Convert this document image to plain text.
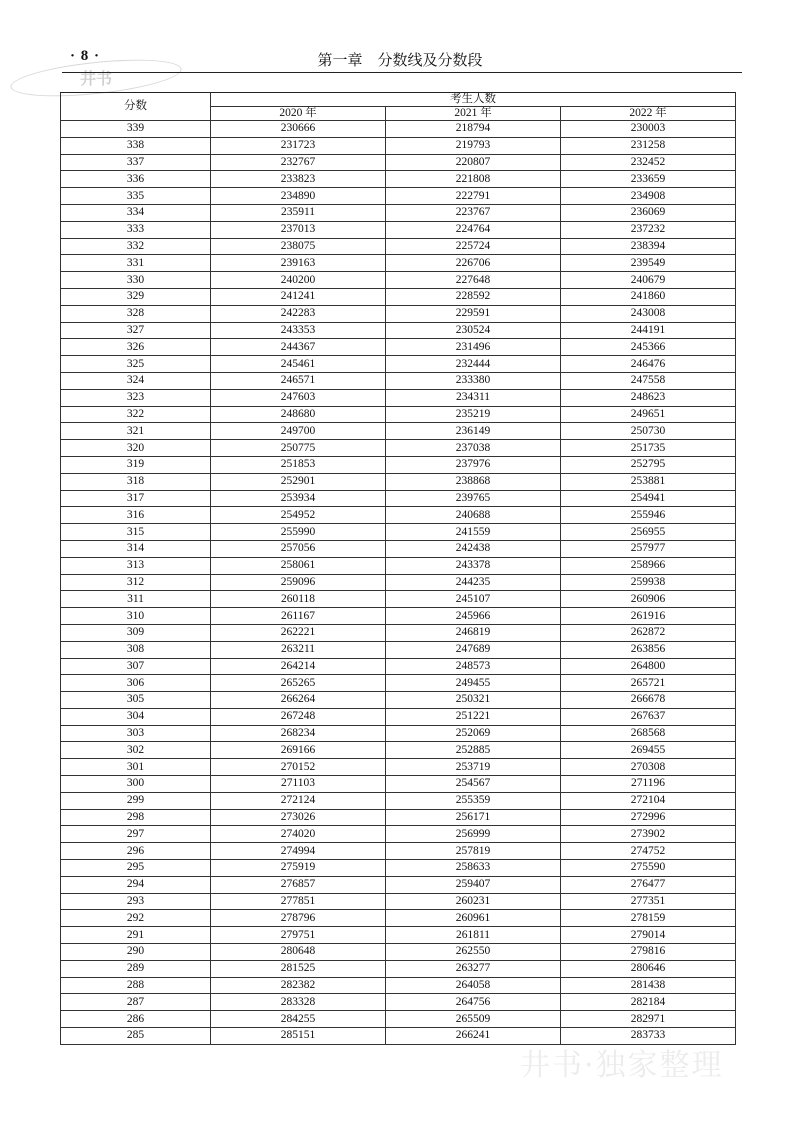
· 8 ·
井书
第一章　分数线及分数段
分数	考生人数		
	2020 年	2021 年	2022 年
339	230666	218794	230003
338	231723	219793	231258
337	232767	220807	232452
336	233823	221808	233659
335	234890	222791	234908
334	235911	223767	236069
333	237013	224764	237232
332	238075	225724	238394
331	239163	226706	239549
330	240200	227648	240679
329	241241	228592	241860
328	242283	229591	243008
327	243353	230524	244191
326	244367	231496	245366
325	245461	232444	246476
324	246571	233380	247558
323	247603	234311	248623
322	248680	235219	249651
321	249700	236149	250730
320	250775	237038	251735
319	251853	237976	252795
318	252901	238868	253881
317	253934	239765	254941
316	254952	240688	255946
315	255990	241559	256955
314	257056	242438	257977
313	258061	243378	258966
312	259096	244235	259938
311	260118	245107	260906
310	261167	245966	261916
309	262221	246819	262872
308	263211	247689	263856
307	264214	248573	264800
306	265265	249455	265721
305	266264	250321	266678
304	267248	251221	267637
303	268234	252069	268568
302	269166	252885	269455
301	270152	253719	270308
300	271103	254567	271196
299	272124	255359	272104
298	273026	256171	272996
297	274020	256999	273902
296	274994	257819	274752
295	275919	258633	275590
294	276857	259407	276477
293	277851	260231	277351
292	278796	260961	278159
291	279751	261811	279014
290	280648	262550	279816
289	281525	263277	280646
288	282382	264058	281438
287	283328	264756	282184
286	284255	265509	282971
285	285151	266241	283733
井书·独家整理
